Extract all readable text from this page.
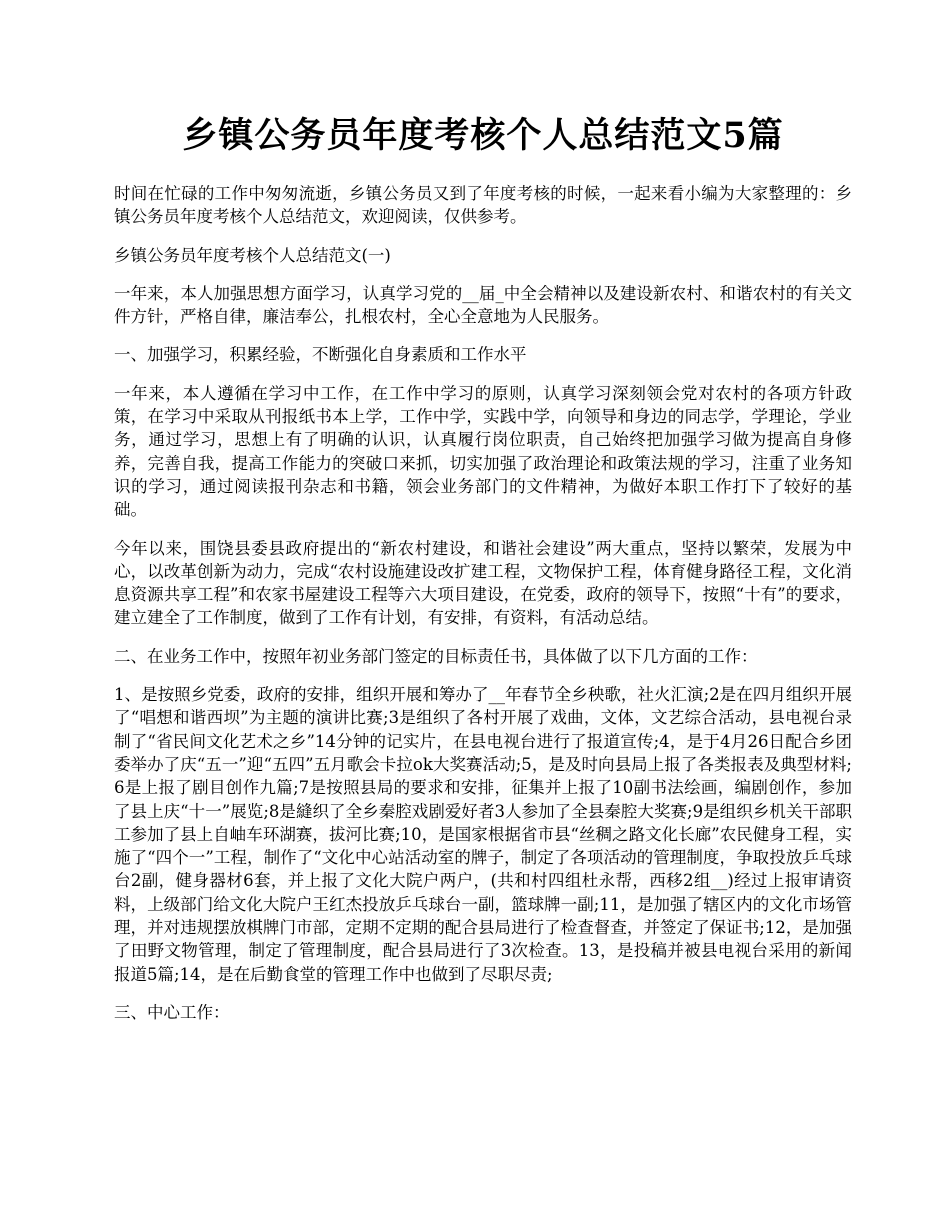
乡镇公务员年度考核个人总结范文5篇

时间在忙碌的工作中匆匆流逝，乡镇公务员又到了年度考核的时候，一起来看小编为大家整理的：乡镇公务员年度考核个人总结范文，欢迎阅读，仅供参考。

乡镇公务员年度考核个人总结范文(一)

一年来，本人加强思想方面学习，认真学习党的__届_中全会精神以及建设新农村、和谐农村的有关文件方针，严格自律，廉洁奉公，扎根农村，全心全意地为人民服务。

一、加强学习，积累经验，不断强化自身素质和工作水平

一年来，本人遵循在学习中工作，在工作中学习的原则，认真学习深刻领会党对农村的各项方针政策，在学习中采取从刊报纸书本上学，工作中学，实践中学，向领导和身边的同志学，学理论，学业务，通过学习，思想上有了明确的认识，认真履行岗位职责，自己始终把加强学习做为提高自身修养，完善自我，提高工作能力的突破口来抓，切实加强了政治理论和政策法规的学习，注重了业务知识的学习，通过阅读报刊杂志和书籍，领会业务部门的文件精神，为做好本职工作打下了较好的基础。

今年以来，围饶县委县政府提出的“新农村建设，和谐社会建设”两大重点，坚持以繁荣，发展为中心，以改革创新为动力，完成“农村设施建设改扩建工程，文物保护工程，体育健身路径工程，文化消息资源共享工程”和农家书屋建设工程等六大项目建设，在党委，政府的领导下，按照“十有”的要求，建立建全了工作制度，做到了工作有计划，有安排，有资料，有活动总结。

二、在业务工作中，按照年初业务部门签定的目标责任书，具体做了以下几方面的工作：

1、是按照乡党委，政府的安排，组织开展和筹办了__年春节全乡秧歌，社火汇演;2是在四月组织开展了“唱想和谐西坝”为主题的演讲比赛;3是组织了各村开展了戏曲，文体，文艺综合活动，县电视台录制了“省民间文化艺术之乡”14分钟的记实片，在县电视台进行了报道宣传;4，是于4月26日配合乡团委举办了庆“五一”迎“五四”五月歌会卡拉ok大奖赛活动;5，是及时向县局上报了各类报表及典型材料;6是上报了剧目创作九篇;7是按照县局的要求和安排，征集并上报了10副书法绘画，编剧创作，参加了县上庆“十一”展览;8是縫织了全乡秦腔戏剧爱好者3人参加了全县秦腔大奖赛;9是组织乡机关干部职工参加了县上自岫车环湖赛，拔河比赛;10，是国家根据省市县“丝稠之路文化长廊”农民健身工程，实施了“四个一”工程，制作了“文化中心站活动室的牌子，制定了各项活动的管理制度，争取投放乒乓球台2副，健身器材6套，并上报了文化大院户两户，(共和村四组杜永帮，西移2组__)经过上报审请资料，上级部门给文化大院户王红杰投放乒乓球台一副，篮球牌一副;11，是加强了辖区内的文化市场管理，并对违规摆放棋牌门市部，定期不定期的配合县局进行了检查督查，并签定了保证书;12，是加强了田野文物管理，制定了管理制度，配合县局进行了3次检查。13，是投稿并被县电视台采用的新闻报道5篇;14，是在后勤食堂的管理工作中也做到了尽职尽责;

三、中心工作：
